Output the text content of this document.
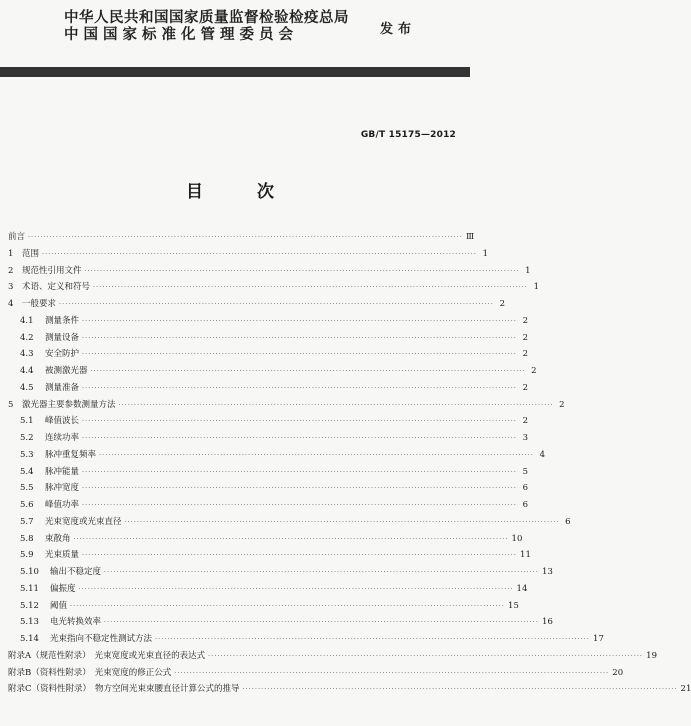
中华人民共和国国家质量监督检验检疫总局
中国国家标准化管理委员会	发布
GB/T 15175—2012
目 次
前言 ············································································································································ Ⅲ
1	范围 ············································································································································ 1
2	规范性引用文件 ············································································································································ 1
3	术语、定义和符号 ············································································································································ 1
4	一般要求 ············································································································································ 2
4.1	测量条件 ············································································································································ 2
4.2	测量设备 ············································································································································ 2
4.3	安全防护 ············································································································································ 2
4.4	被测激光器 ············································································································································ 2
4.5	测量准备 ············································································································································ 2
5	激光器主要参数测量方法 ············································································································································ 2
5.1	峰值波长 ············································································································································ 2
5.2	连续功率 ············································································································································ 3
5.3	脉冲重复频率 ············································································································································ 4
5.4	脉冲能量 ············································································································································ 5
5.5	脉冲宽度 ············································································································································ 6
5.6	峰值功率 ············································································································································ 6
5.7	光束宽度或光束直径 ············································································································································ 6
5.8	束散角 ············································································································································ 10
5.9	光束质量 ············································································································································ 11
5.10	输出不稳定度 ············································································································································ 13
5.11	偏振度 ············································································································································ 14
5.12	阈值 ············································································································································ 15
5.13	电光转换效率 ············································································································································ 16
5.14	光束指向不稳定性测试方法 ············································································································································ 17
附录A（规范性附录） 光束宽度或光束直径的表达式 ············································································································································ 19
附录B（资料性附录） 光束宽度的修正公式 ············································································································································ 20
附录C（资料性附录） 物方空间光束束腰直径计算公式的推导 ············································································································································ 21
